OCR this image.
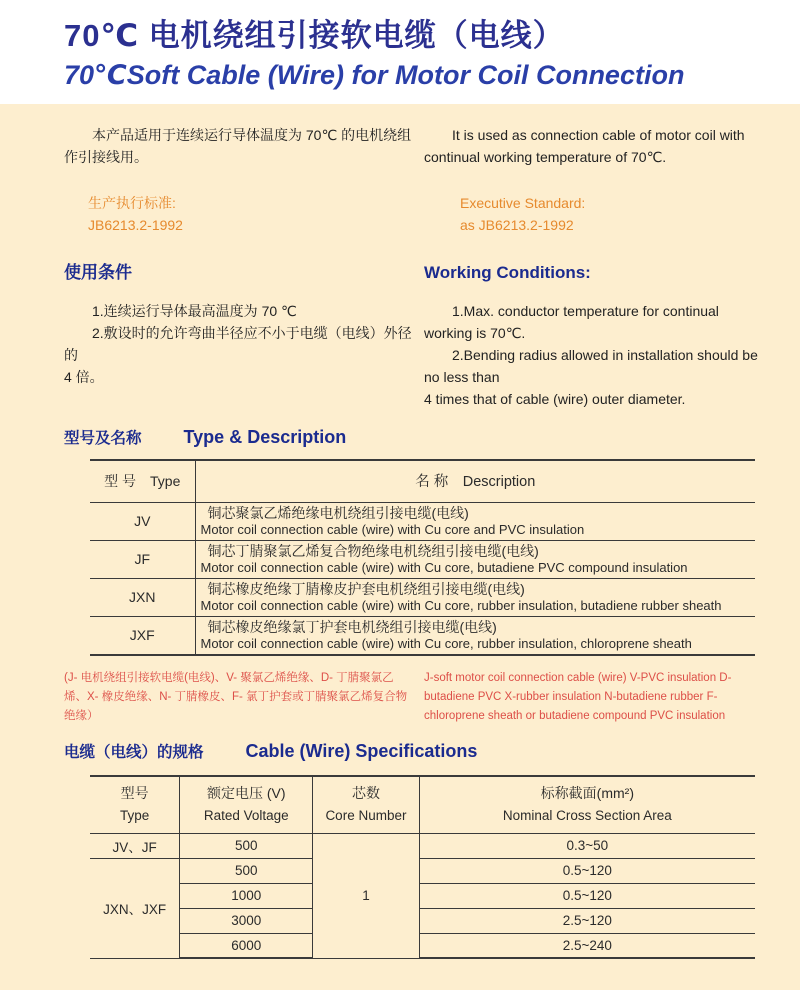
70℃ 电机绕组引接软电缆（电线）
70℃Soft Cable (Wire) for Motor Coil Connection
本产品适用于连续运行导体温度为 70℃ 的电机绕组作引接线用。
It is used as connection cable of motor coil with continual working temperature of 70℃.
生产执行标准:
JB6213.2-1992
Executive Standard:
as JB6213.2-1992
使用条件	Working Conditions:
1.连续运行导体最高温度为 70 ℃
2.敷设时的允许弯曲半径应不小于电缆（电线）外径的
4 倍。
1.Max. conductor temperature for continual working is 70℃.
2.Bending radius allowed in installation should be no less than
4 times that of cable (wire) outer diameter.
型号及名称 Type & Description
型 号　Type	名 称　Description
JV	铜芯聚氯乙烯绝缘电机绕组引接电缆(电线)
Motor coil connection cable (wire) with Cu core and PVC insulation

JF	铜芯丁腈聚氯乙烯复合物绝缘电机绕组引接电缆(电线)
Motor coil connection cable (wire) with Cu core, butadiene PVC compound insulation

JXN	铜芯橡皮绝缘丁腈橡皮护套电机绕组引接电缆(电线)
Motor coil connection cable (wire) with Cu core, rubber insulation, butadiene rubber sheath

JXF	铜芯橡皮绝缘氯丁护套电机绕组引接电缆(电线)
Motor coil connection cable (wire) with Cu core, rubber insulation, chloroprene sheath
(J- 电机绕组引接软电缆(电线)、V- 聚氯乙烯绝缘、D- 丁腈聚氯乙烯、X- 橡皮绝缘、N- 丁腈橡皮、F- 氯丁护套或丁腈聚氯乙烯复合物绝缘）
J-soft motor coil connection cable (wire) V-PVC insulation D-butadiene PVC X-rubber insulation N-butadiene rubber F-chloroprene sheath or butadiene compound PVC insulation
电缆（电线）的规格 Cable (Wire) Specifications
型号
Type

额定电压 (V)
Rated Voltage

芯数
Core Number

标称截面(mm²)
Nominal Cross Section Area

JV、JF	500	1	0.3~50
JXN、JXF	500		0.5~120
	1000		0.5~120
	3000		2.5~120
	6000		2.5~240
